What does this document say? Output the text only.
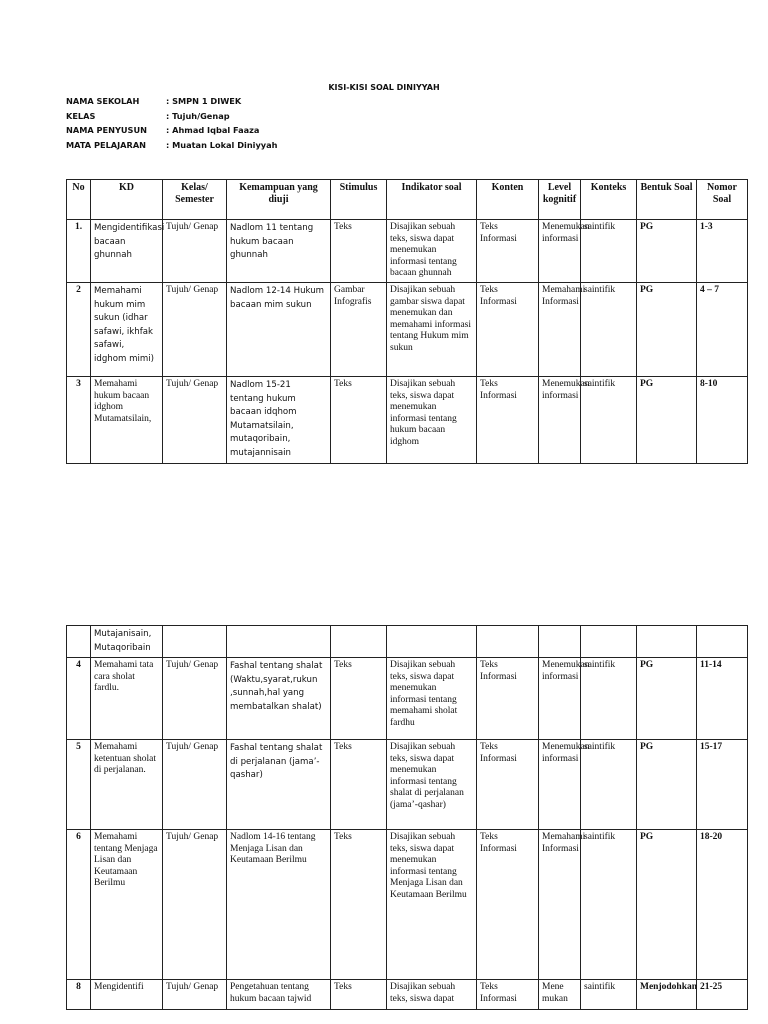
KISI-KISI SOAL DINIYYAH
NAMA SEKOLAH	: SMPN 1 DIWEK
KELAS	: Tujuh/Genap
NAMA PENYUSUN	: Ahmad Iqbal Faaza
MATA PELAJARAN	: Muatan Lokal Diniyyah
No	KD	Kelas/ Semester	Kemampuan yang diuji	Stimulus	Indikator soal	Konten	Level kognitif	Konteks	Bentuk Soal	Nomor Soal
1.	Mengidentifikasi bacaan ghunnah	Tujuh/ Genap	Nadlom 11 tentang hukum bacaan ghunnah	Teks	Disajikan sebuah teks, siswa dapat menemukan informasi tentang bacaan ghunnah	Teks Informasi	Menemukan informasi	saintifik	PG	1-3
2	Memahami hukum mim sukun (idhar safawi, ikhfak safawi, idghom mimi)	Tujuh/ Genap	Nadlom 12-14 Hukum bacaan mim sukun	Gambar Infografis	Disajikan sebuah gambar siswa dapat menemukan dan memahami informasi tentang Hukum mim sukun	Teks Informasi	Memahami Informasi	saintifik	PG	4 – 7
3	Memahami hukum bacaan idghom Mutamatsilain,	Tujuh/ Genap	Nadlom 15-21 tentang hukum bacaan idqhom Mutamatsilain, mutaqoribain, mutajannisain	Teks	Disajikan sebuah teks, siswa dapat menemukan informasi tentang hukum bacaan idghom	Teks Informasi	Menemukan informasi	saintifik	PG	8-10
	Mutajanisain, Mutaqoribain									
4	Memahami tata cara sholat fardlu.	Tujuh/ Genap	Fashal tentang shalat (Waktu,syarat,rukun ,sunnah,hal yang membatalkan shalat)	Teks	Disajikan sebuah teks, siswa dapat menemukan informasi tentang memahami sholat fardhu	Teks Informasi	Menemukan informasi	saintifik	PG	11-14
5	Memahami ketentuan sholat di perjalanan.	Tujuh/ Genap	Fashal tentang shalat di perjalanan (jama’-qashar)	Teks	Disajikan sebuah teks, siswa dapat menemukan informasi tentang shalat di perjalanan (jama’-qashar)	Teks Informasi	Menemukan informasi	saintifik	PG	15-17
6	Memahami tentang Menjaga Lisan dan Keutamaan Berilmu	Tujuh/ Genap	Nadlom 14-16 tentang Menjaga Lisan dan Keutamaan Berilmu	Teks	Disajikan sebuah teks, siswa dapat menemukan informasi tentang Menjaga Lisan dan Keutamaan Berilmu	Teks Informasi	Memahami Informasi	saintifik	PG	18-20
8	Mengidentifi	Tujuh/ Genap	Pengetahuan tentang hukum bacaan tajwid	Teks	Disajikan sebuah teks, siswa dapat	Teks Informasi	Mene mukan	saintifik	Menjodohkan	21-25
